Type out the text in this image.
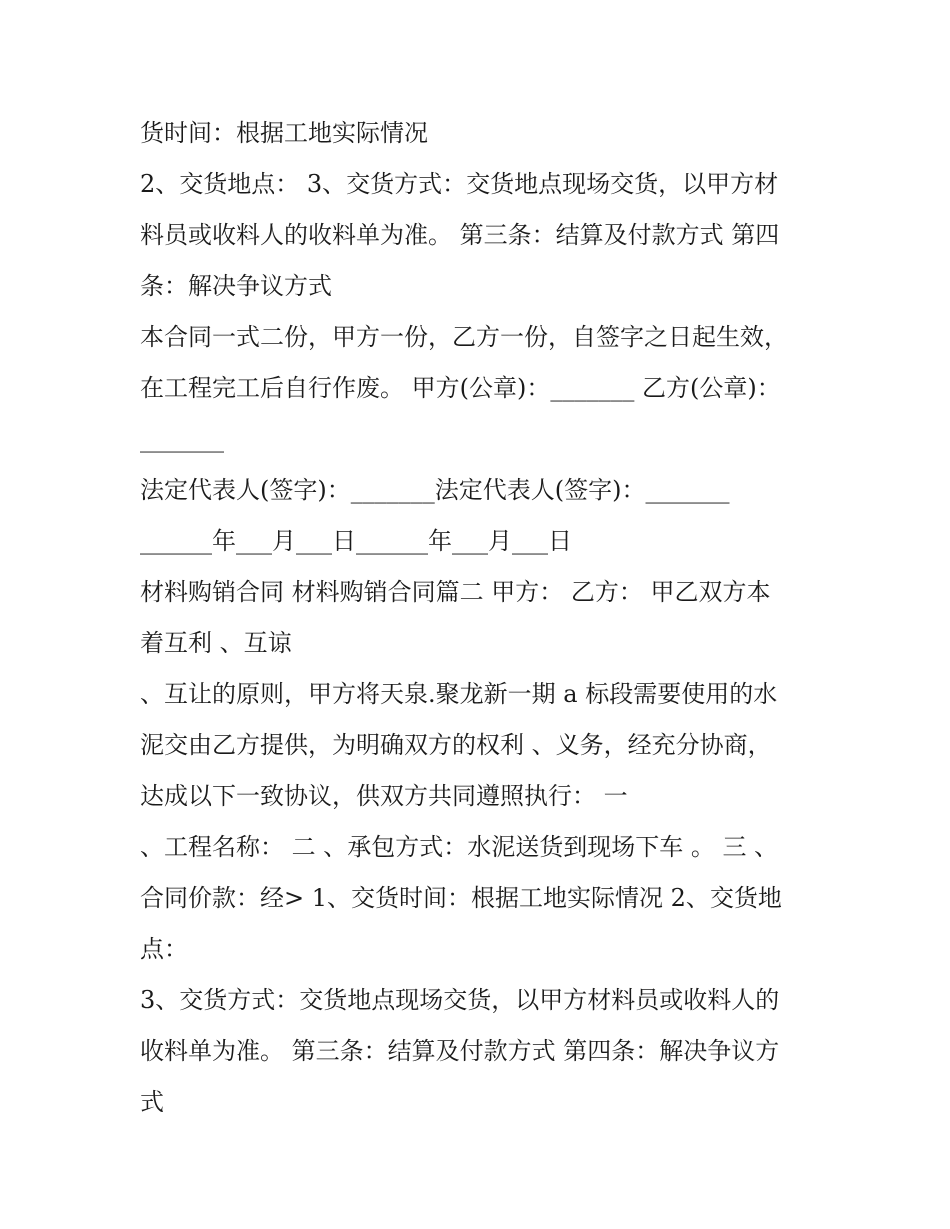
货时间：根据工地实际情况
2、交货地点： 3、交货方式：交货地点现场交货，以甲方材
料员或收料人的收料单为准。 第三条：结算及付款方式 第四
条：解决争议方式
本合同一式二份，甲方一份，乙方一份，自签字之日起生效，
在工程完工后自行作废。 甲方(公章)：_______ 乙方(公章)：
_______
法定代表人(签字)：_______法定代表人(签字)：_______
______年___月___日______年___月___日
材料购销合同 材料购销合同篇二 甲方： 乙方： 甲乙双方本
着互利 、互谅
、互让的原则，甲方将天泉.聚龙新一期 a 标段需要使用的水
泥交由乙方提供，为明确双方的权利 、义务，经充分协商，
达成以下一致协议，供双方共同遵照执行： 一
、工程名称： 二 、承包方式：水泥送货到现场下车 。 三 、
合同价款：经> 1、交货时间：根据工地实际情况 2、交货地
点：
3、交货方式：交货地点现场交货，以甲方材料员或收料人的
收料单为准。 第三条：结算及付款方式 第四条：解决争议方
式
